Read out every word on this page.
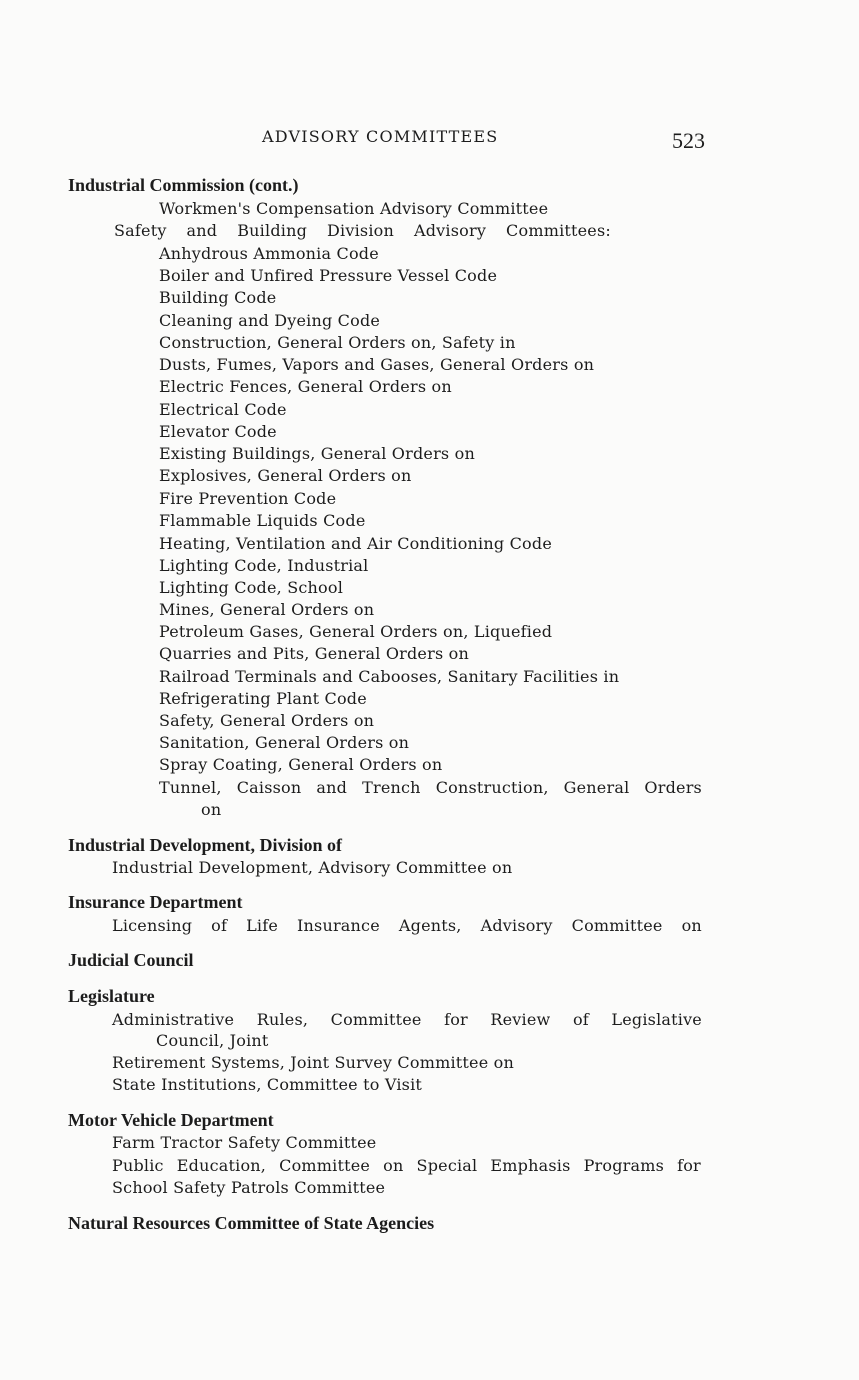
ADVISORY COMMITTEES	523
Industrial Commission (cont.)
Workmen's Compensation Advisory Committee
Safety and Building Division Advisory Committees:
Anhydrous Ammonia Code
Boiler and Unfired Pressure Vessel Code
Building Code
Cleaning and Dyeing Code
Construction, General Orders on, Safety in
Dusts, Fumes, Vapors and Gases, General Orders on
Electric Fences, General Orders on
Electrical Code
Elevator Code
Existing Buildings, General Orders on
Explosives, General Orders on
Fire Prevention Code
Flammable Liquids Code
Heating, Ventilation and Air Conditioning Code
Lighting Code, Industrial
Lighting Code, School
Mines, General Orders on
Petroleum Gases, General Orders on, Liquefied
Quarries and Pits, General Orders on
Railroad Terminals and Cabooses, Sanitary Facilities in
Refrigerating Plant Code
Safety, General Orders on
Sanitation, General Orders on
Spray Coating, General Orders on
Tunnel, Caisson and Trench Construction, General Orders
on
Industrial Development, Division of
Industrial Development, Advisory Committee on
Insurance Department
Licensing of Life Insurance Agents, Advisory Committee on
Judicial Council
Legislature
Administrative Rules, Committee for Review of Legislative
Council, Joint
Retirement Systems, Joint Survey Committee on
State Institutions, Committee to Visit
Motor Vehicle Department
Farm Tractor Safety Committee
Public Education, Committee on Special Emphasis Programs for
School Safety Patrols Committee
Natural Resources Committee of State Agencies
